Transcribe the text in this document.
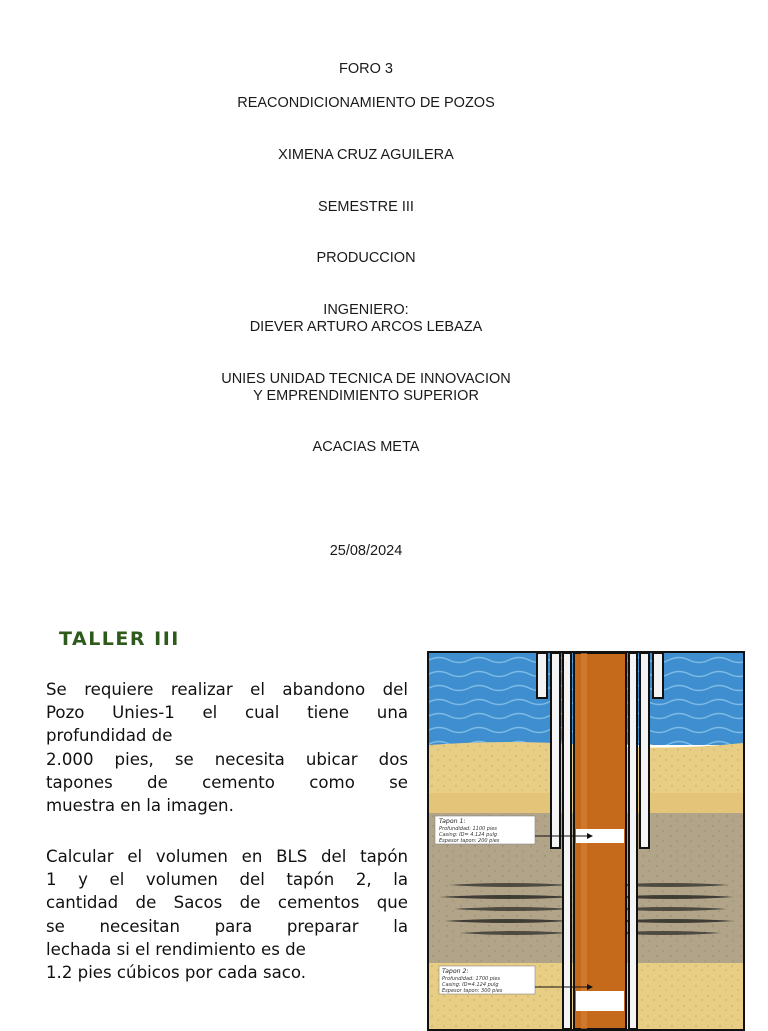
FORO 3
REACONDICIONAMIENTO DE POZOS
XIMENA CRUZ AGUILERA
SEMESTRE III
PRODUCCION
INGENIERO:
DIEVER ARTURO ARCOS LEBAZA
UNIES UNIDAD TECNICA DE INNOVACION
Y EMPRENDIMIENTO SUPERIOR
ACACIAS META
25/08/2024
TALLER III
Se requiere realizar el abandono del
Pozo Unies-1 el cual tiene una
profundidad de
2.000 pies, se necesita ubicar dos
tapones de cemento como se
muestra en la imagen.
Calcular el volumen en BLS del tapón
1 y el volumen del tapón 2, la
cantidad de Sacos de cementos que
se necesitan para preparar la
lechada si el rendimiento es de
1.2 pies cúbicos por cada saco.
Tapon 1:
Profundidad: 1100 pies
Casing: ID= 4.124 pulg
Espesor tapon: 200 pies
Tapon 2:
Profundidad: 1700 pies
Casing: ID=4.124 pulg
Espesor tapon: 300 pies
